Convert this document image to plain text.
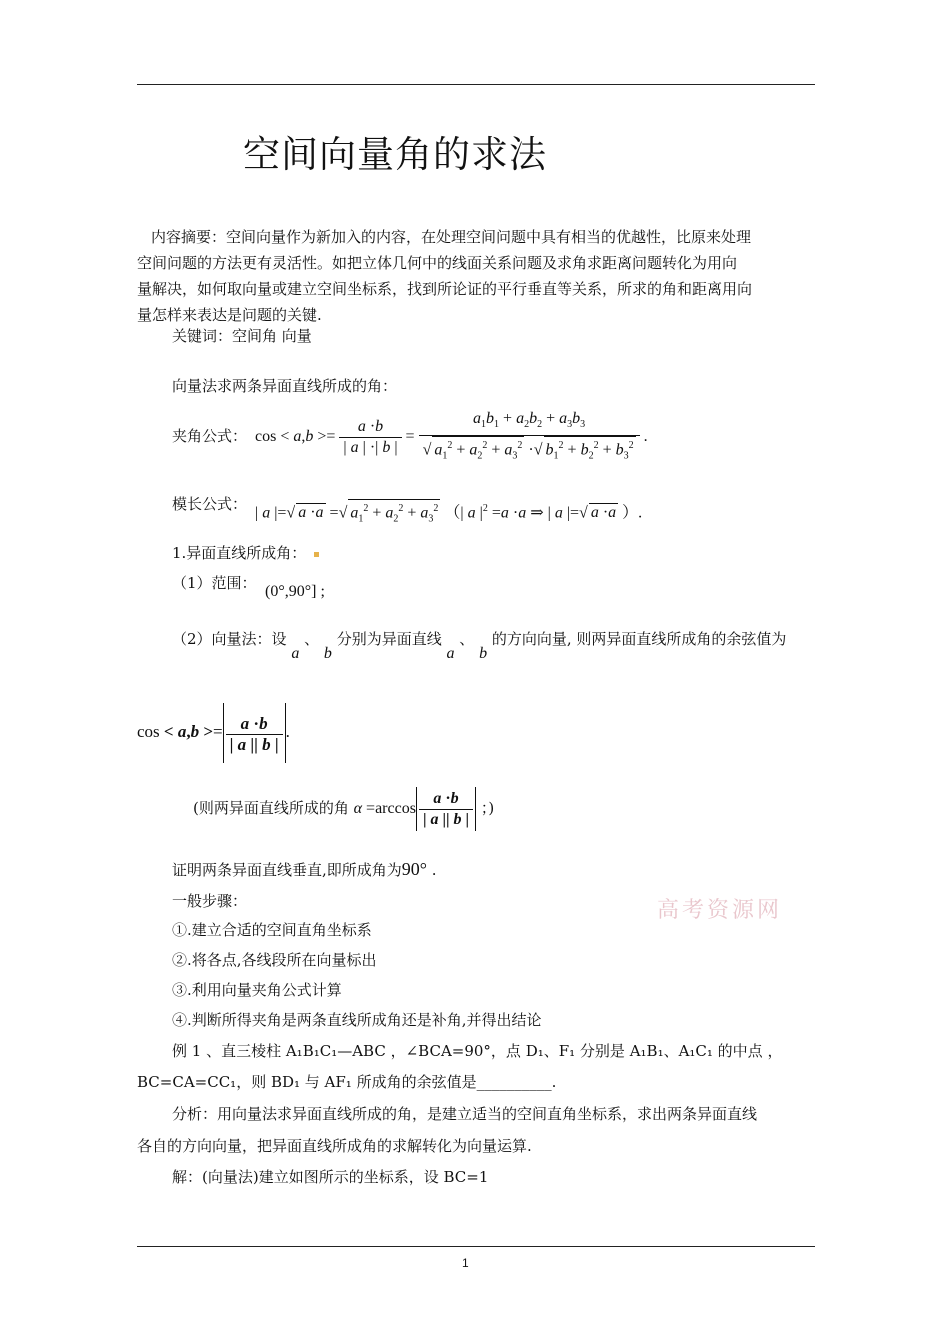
空间向量角的求法
内容摘要：空间向量作为新加入的内容，在处理空间问题中具有相当的优越性，比原来处理
空间问题的方法更有灵活性。如把立体几何中的线面关系问题及求角求距离问题转化为用向
量解决，如何取向量或建立空间坐标系，找到所论证的平行垂直等关系，所求的角和距离用向
量怎样来表达是问题的关键.
关键词：空间角 向量
向量法求两条异面直线所成的角：
夹角公式： $\cos < a,b >= \frac{a \cdot b}{| a | \cdot| b |} = \frac{a_1b_1 + a_2b_2 + a_3b_3}{√ a_1^2 + a_2^2 + a_3^2 \cdot√ b_1^2 + b_2^2 + b_3^2}$ .
模长公式： | a |=√ a ·a =√ $a_1^2 + a_2^2 + a_3^2$ （| a $|^2 =a \cdot a$ ⇒ | a |=√ a ·a ）.
1.异面直线所成角：
（1）范围： (0°,90°] ;
（2）向量法：设 a 、 b 分别为异面直线 a 、 b 的方向向量, 则两异面直线所成角的余弦值为
$\cos < a,b >= \frac{a \cdot b}{| a || b |}$ .
(则两异面直线所成的角 $\alpha =\arccos \frac{a \cdot b}{| a || b |}$ ；)
证明两条异面直线垂直,即所成角为90° .
一般步骤：
①.建立合适的空间直角坐标系
②.将各点,各线段所在向量标出
③.利用向量夹角公式计算
④.判断所得夹角是两条直线所成角还是补角,并得出结论
例 1 、直三棱柱 A₁B₁C₁—ABC ，∠BCA=90°，点 D₁、F₁ 分别是 A₁B₁、A₁C₁ 的中点 ，
BC=CA=CC₁，则 BD₁ 与 AF₁ 所成角的余弦值是__________.
分析：用向量法求异面直线所成的角，是建立适当的空间直角坐标系，求出两条异面直线
各自的方向向量，把异面直线所成角的求解转化为向量运算.
解：(向量法)建立如图所示的坐标系，设 BC=1
高考资源网
1
